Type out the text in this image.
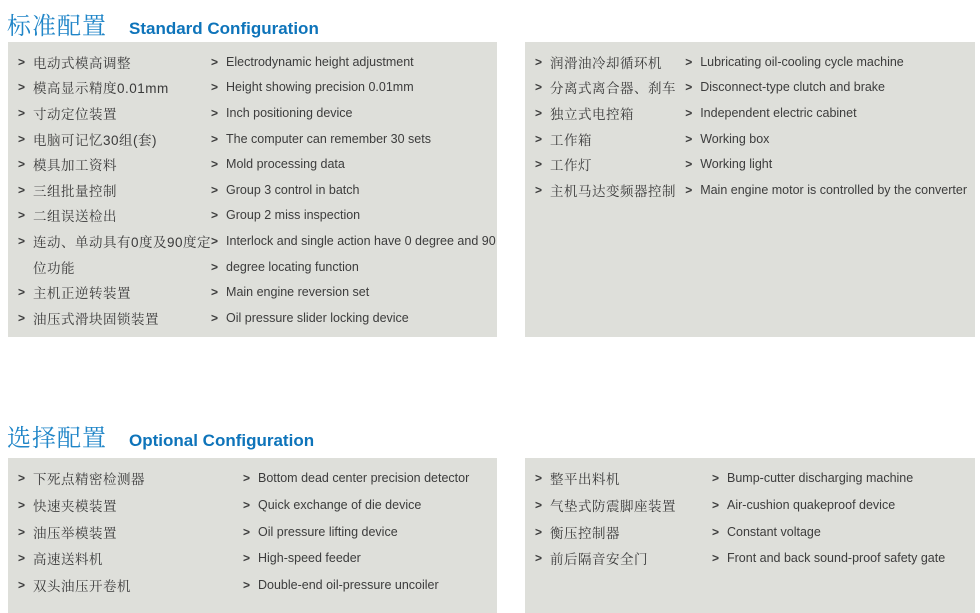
标准配置 Standard Configuration
> 电动式模高调整
> 模高显示精度0.01mm
> 寸动定位装置
> 电脑可记忆30组(套)
> 模具加工资料
> 三组批量控制
> 二组误送检出
> 连动、单动具有0度及90度定
位功能
> 主机正逆转装置
> 油压式滑块固锁装置
> Electrodynamic height adjustment
> Height showing precision 0.01mm
> Inch positioning device
> The computer can remember 30 sets
> Mold processing data
> Group 3 control in batch
> Group 2 miss inspection
> Interlock and single action have 0 degree and 90
> degree locating function
> Main engine reversion set
> Oil pressure slider locking device
> 润滑油冷却循环机
> 分离式离合器、刹车
> 独立式电控箱
> 工作箱
> 工作灯
> 主机马达变频器控制
> Lubricating oil-cooling cycle machine
> Disconnect-type clutch and brake
> Independent electric cabinet
> Working box
> Working light
> Main engine motor is controlled by the converter
选择配置 Optional Configuration
> 下死点精密检测器
> 快速夹模装置
> 油压举模装置
> 高速送料机
> 双头油压开卷机
> Bottom dead center precision detector
> Quick exchange of die device
> Oil pressure lifting device
> High-speed feeder
> Double-end oil-pressure uncoiler
> 整平出料机
> 气垫式防震脚座装置
> 衡压控制器
> 前后隔音安全门
> Bump-cutter discharging machine
> Air-cushion quakeproof device
> Constant voltage
> Front and back sound-proof safety gate
